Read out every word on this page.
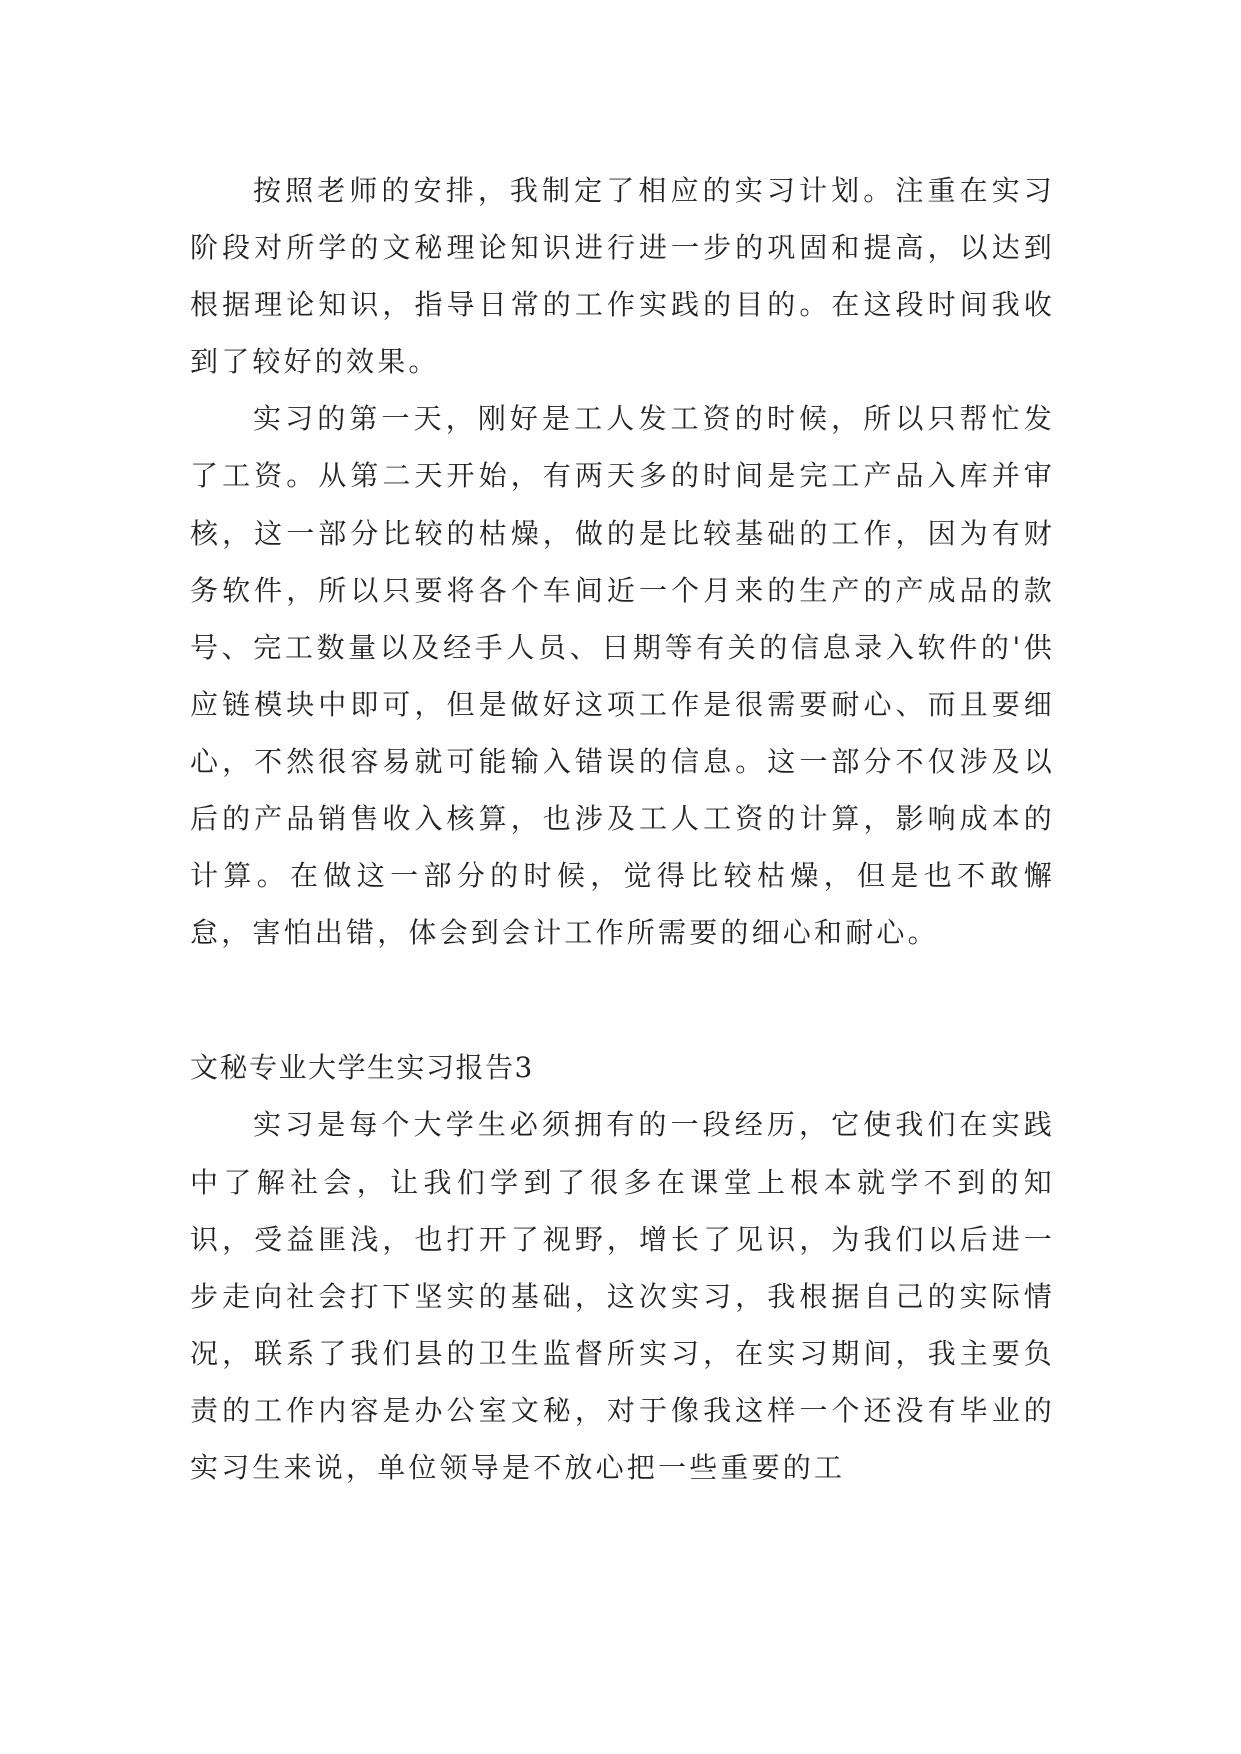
按照老师的安排，我制定了相应的实习计划。注重在实习阶段对所学的文秘理论知识进行进一步的巩固和提高，以达到根据理论知识，指导日常的工作实践的目的。在这段时间我收到了较好的效果。

实习的第一天，刚好是工人发工资的时候，所以只帮忙发了工资。从第二天开始，有两天多的时间是完工产品入库并审核，这一部分比较的枯燥，做的是比较基础的工作，因为有财务软件，所以只要将各个车间近一个月来的生产的产成品的款号、完工数量以及经手人员、日期等有关的信息录入软件的'供应链模块中即可，但是做好这项工作是很需要耐心、而且要细心，不然很容易就可能输入错误的信息。这一部分不仅涉及以后的产品销售收入核算，也涉及工人工资的计算，影响成本的计算。在做这一部分的时候，觉得比较枯燥，但是也不敢懈怠，害怕出错，体会到会计工作所需要的细心和耐心。

文秘专业大学生实习报告3

实习是每个大学生必须拥有的一段经历，它使我们在实践中了解社会，让我们学到了很多在课堂上根本就学不到的知识，受益匪浅，也打开了视野，增长了见识，为我们以后进一步走向社会打下坚实的基础，这次实习，我根据自己的实际情况，联系了我们县的卫生监督所实习，在实习期间，我主要负责的工作内容是办公室文秘，对于像我这样一个还没有毕业的实习生来说，单位领导是不放心把一些重要的工
